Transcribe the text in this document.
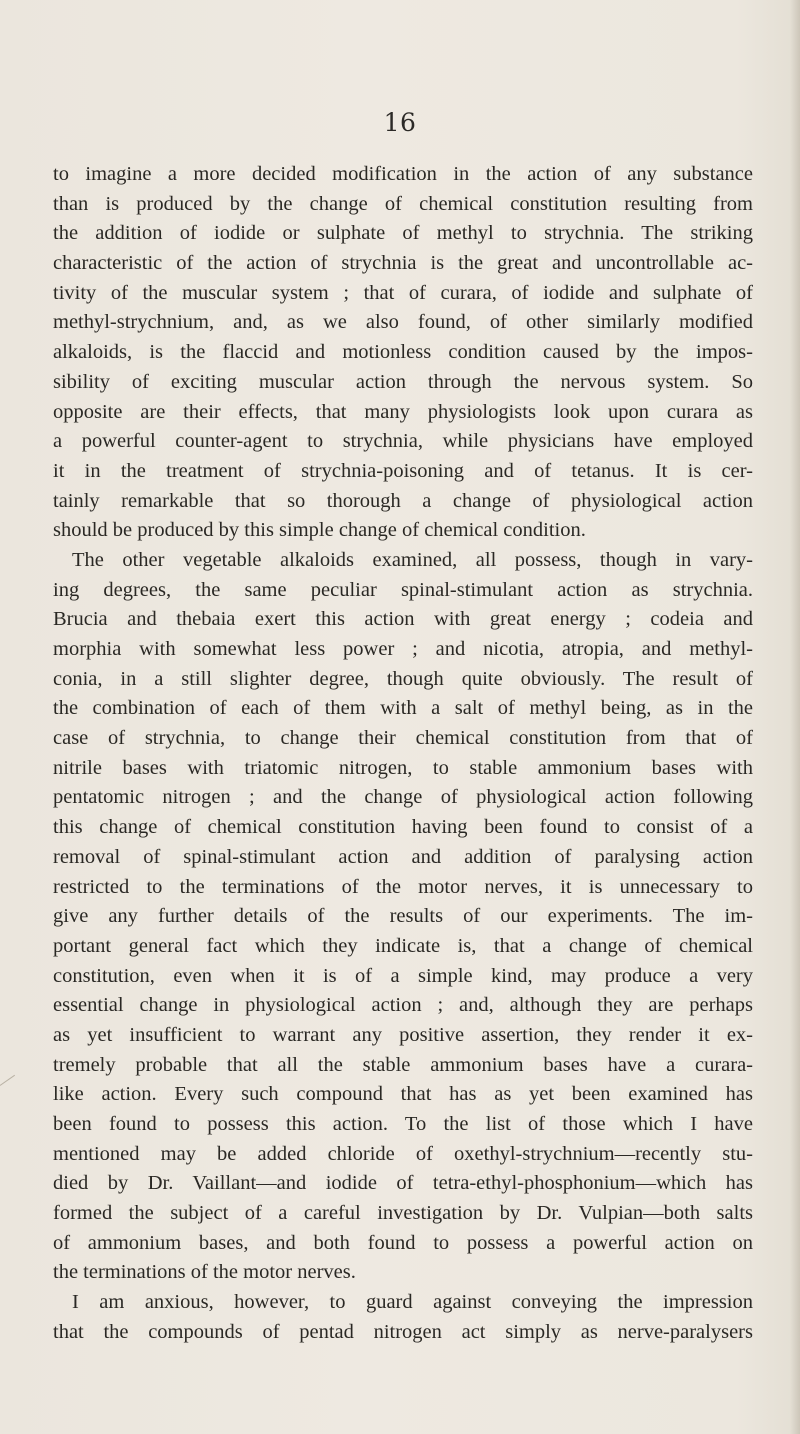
16
to imagine a more decided modification in the action of any substance
than is produced by the change of chemical constitution resulting from
the addition of iodide or sulphate of methyl to strychnia. The striking
characteristic of the action of strychnia is the great and uncontrollable ac-
tivity of the muscular system ; that of curara, of iodide and sulphate of
methyl-strychnium, and, as we also found, of other similarly modified
alkaloids, is the flaccid and motionless condition caused by the impos-
sibility of exciting muscular action through the nervous system. So
opposite are their effects, that many physiologists look upon curara as
a powerful counter-agent to strychnia, while physicians have employed
it in the treatment of strychnia-poisoning and of tetanus. It is cer-
tainly remarkable that so thorough a change of physiological action
should be produced by this simple change of chemical condition.
The other vegetable alkaloids examined, all possess, though in vary-
ing degrees, the same peculiar spinal-stimulant action as strychnia.
Brucia and thebaia exert this action with great energy ; codeia and
morphia with somewhat less power ; and nicotia, atropia, and methyl-
conia, in a still slighter degree, though quite obviously. The result of
the combination of each of them with a salt of methyl being, as in the
case of strychnia, to change their chemical constitution from that of
nitrile bases with triatomic nitrogen, to stable ammonium bases with
pentatomic nitrogen ; and the change of physiological action following
this change of chemical constitution having been found to consist of a
removal of spinal-stimulant action and addition of paralysing action
restricted to the terminations of the motor nerves, it is unnecessary to
give any further details of the results of our experiments. The im-
portant general fact which they indicate is, that a change of chemical
constitution, even when it is of a simple kind, may produce a very
essential change in physiological action ; and, although they are perhaps
as yet insufficient to warrant any positive assertion, they render it ex-
tremely probable that all the stable ammonium bases have a curara-
like action. Every such compound that has as yet been examined has
been found to possess this action. To the list of those which I have
mentioned may be added chloride of oxethyl-strychnium—recently stu-
died by Dr. Vaillant—and iodide of tetra-ethyl-phosphonium—which has
formed the subject of a careful investigation by Dr. Vulpian—both salts
of ammonium bases, and both found to possess a powerful action on
the terminations of the motor nerves.
I am anxious, however, to guard against conveying the impression
that the compounds of pentad nitrogen act simply as nerve-paralysers
